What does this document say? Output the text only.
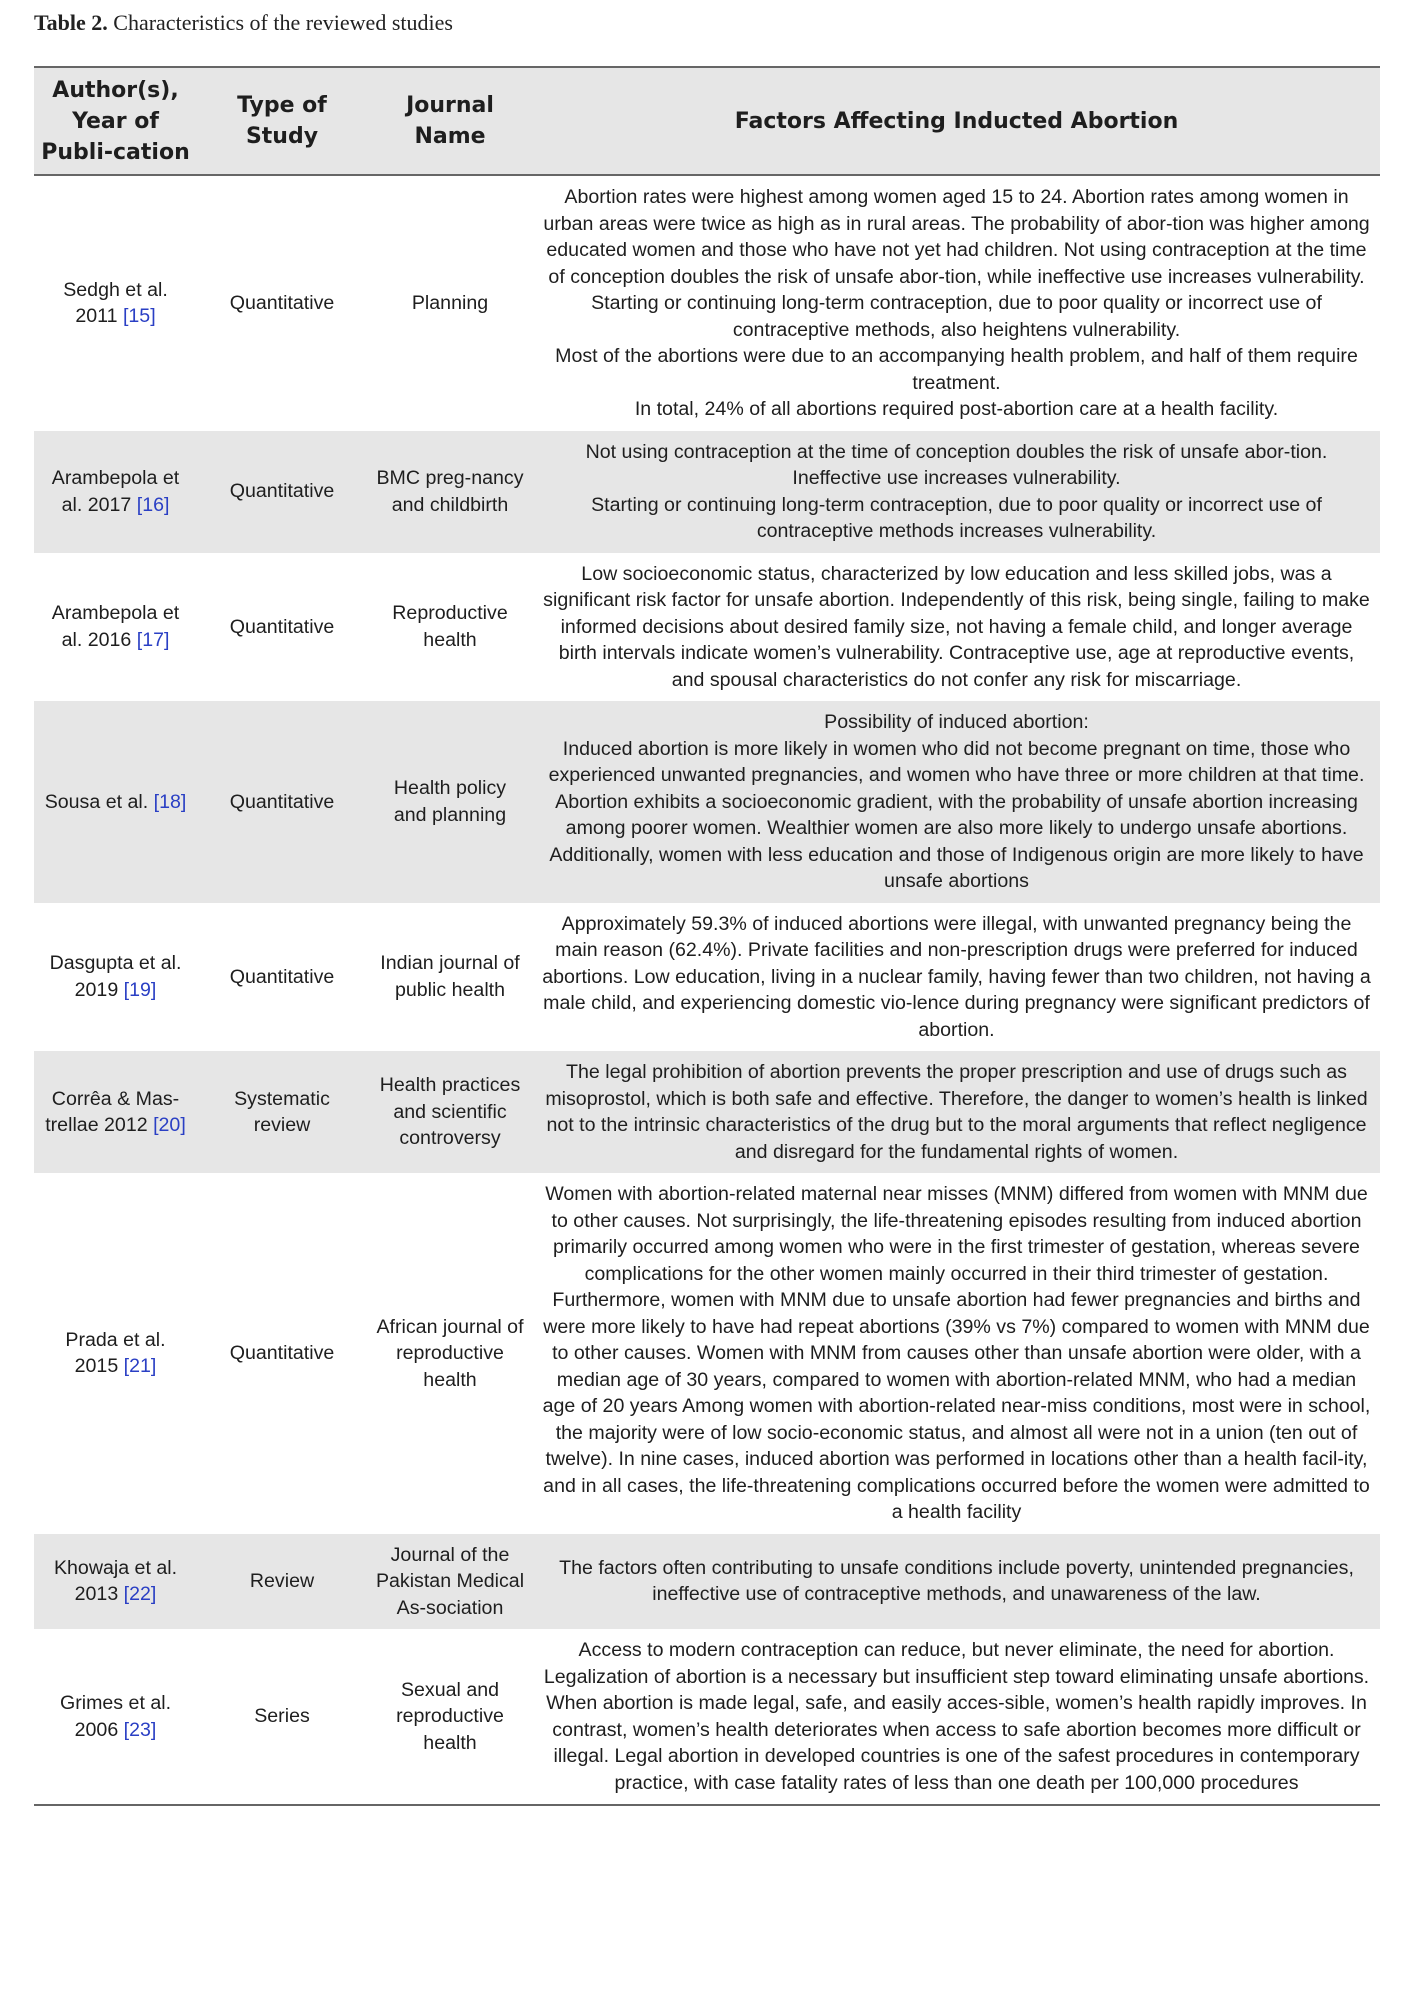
Table 2. Characteristics of the reviewed studies
Author(s), Year of Publi-cation	Type of Study	Journal Name	Factors Affecting Inducted Abortion
Sedgh et al. 2011 [15]	Quantitative	Planning	Abortion rates were highest among women aged 15 to 24. Abortion rates among women in urban areas were twice as high as in rural areas. The probability of abor-tion was higher among educated women and those who have not yet had children. Not using contraception at the time of conception doubles the risk of unsafe abor-tion, while ineffective use increases vulnerability. Starting or continuing long-term contraception, due to poor quality or incorrect use of contraceptive methods, also heightens vulnerability.
Most of the abortions were due to an accompanying health problem, and half of them require treatment.
In total, 24% of all abortions required post-abortion care at a health facility.

Arambepola et al. 2017 [16]	Quantitative	BMC preg-nancy and childbirth	Not using contraception at the time of conception doubles the risk of unsafe abor-tion. Ineffective use increases vulnerability.
Starting or continuing long-term contraception, due to poor quality or incorrect use of contraceptive methods increases vulnerability.

Arambepola et al. 2016 [17]	Quantitative	Reproductive health	Low socioeconomic status, characterized by low education and less skilled jobs, was a significant risk factor for unsafe abortion. Independently of this risk, being single, failing to make informed decisions about desired family size, not having a female child, and longer average birth intervals indicate women’s vulnerability. Contraceptive use, age at reproductive events, and spousal characteristics do not confer any risk for miscarriage.

Sousa et al. [18]	Quantitative	Health policy and planning	Possibility of induced abortion:
Induced abortion is more likely in women who did not become pregnant on time, those who experienced unwanted pregnancies, and women who have three or more children at that time. Abortion exhibits a socioeconomic gradient, with the probability of unsafe abortion increasing among poorer women. Wealthier women are also more likely to undergo unsafe abortions. Additionally, women with less education and those of Indigenous origin are more likely to have unsafe abortions

Dasgupta et al. 2019 [19]	Quantitative	Indian journal of public health	Approximately 59.3% of induced abortions were illegal, with unwanted pregnancy being the main reason (62.4%). Private facilities and non-prescription drugs were preferred for induced abortions. Low education, living in a nuclear family, having fewer than two children, not having a male child, and experiencing domestic vio-lence during pregnancy were significant predictors of abortion.

Corrêa & Mas-trellae 2012 [20]	Systematic review	Health practices and scientific controversy	The legal prohibition of abortion prevents the proper prescription and use of drugs such as misoprostol, which is both safe and effective. Therefore, the danger to women’s health is linked not to the intrinsic characteristics of the drug but to the moral arguments that reflect negligence and disregard for the fundamental rights of women.

Prada et al. 2015 [21]	Quantitative	African journal of reproductive health	Women with abortion-related maternal near misses (MNM) differed from women with MNM due to other causes. Not surprisingly, the life-threatening episodes resulting from induced abortion primarily occurred among women who were in the first trimester of gestation, whereas severe complications for the other women mainly occurred in their third trimester of gestation. Furthermore, women with MNM due to unsafe abortion had fewer pregnancies and births and were more likely to have had repeat abortions (39% vs 7%) compared to women with MNM due to other causes. Women with MNM from causes other than unsafe abortion were older, with a median age of 30 years, compared to women with abortion-related MNM, who had a median age of 20 years Among women with abortion-related near-miss conditions, most were in school, the majority were of low socio-economic status, and almost all were not in a union (ten out of twelve). In nine cases, induced abortion was performed in locations other than a health facil-ity, and in all cases, the life-threatening complications occurred before the women were admitted to a health facility

Khowaja et al. 2013 [22]	Review	Journal of the Pakistan Medical As-sociation	The factors often contributing to unsafe conditions include poverty, unintended pregnancies, ineffective use of contraceptive methods, and unawareness of the law.

Grimes et al. 2006 [23]	Series	Sexual and reproductive health	Access to modern contraception can reduce, but never eliminate, the need for abortion. Legalization of abortion is a necessary but insufficient step toward eliminating unsafe abortions. When abortion is made legal, safe, and easily acces-sible, women’s health rapidly improves. In contrast, women’s health deteriorates when access to safe abortion becomes more difficult or illegal. Legal abortion in developed countries is one of the safest procedures in contemporary practice, with case fatality rates of less than one death per 100,000 procedures
